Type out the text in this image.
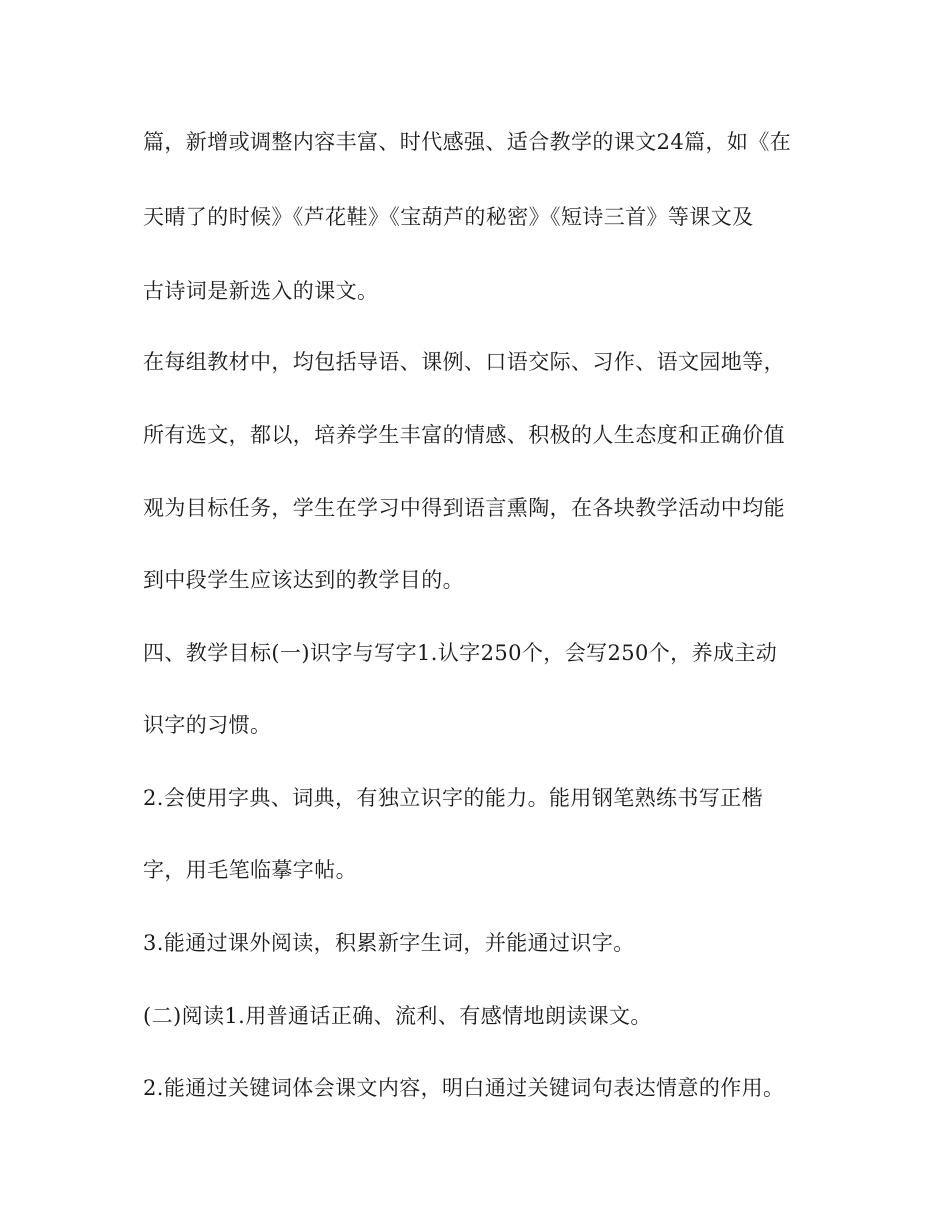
篇，新增或调整内容丰富、时代感强、适合教学的课文24篇，如《在
天晴了的时候》《芦花鞋》《宝葫芦的秘密》《短诗三首》等课文及
古诗词是新选入的课文。
在每组教材中，均包括导语、课例、口语交际、习作、语文园地等，
所有选文，都以，培养学生丰富的情感、积极的人生态度和正确价值
观为目标任务，学生在学习中得到语言熏陶，在各块教学活动中均能
到中段学生应该达到的教学目的。
四、教学目标(一)识字与写字1.认字250个，会写250个，养成主动
识字的习惯。
2.会使用字典、词典，有独立识字的能力。能用钢笔熟练书写正楷
字，用毛笔临摹字帖。
3.能通过课外阅读，积累新字生词，并能通过识字。
(二)阅读1.用普通话正确、流利、有感情地朗读课文。
2.能通过关键词体会课文内容，明白通过关键词句表达情意的作用。
